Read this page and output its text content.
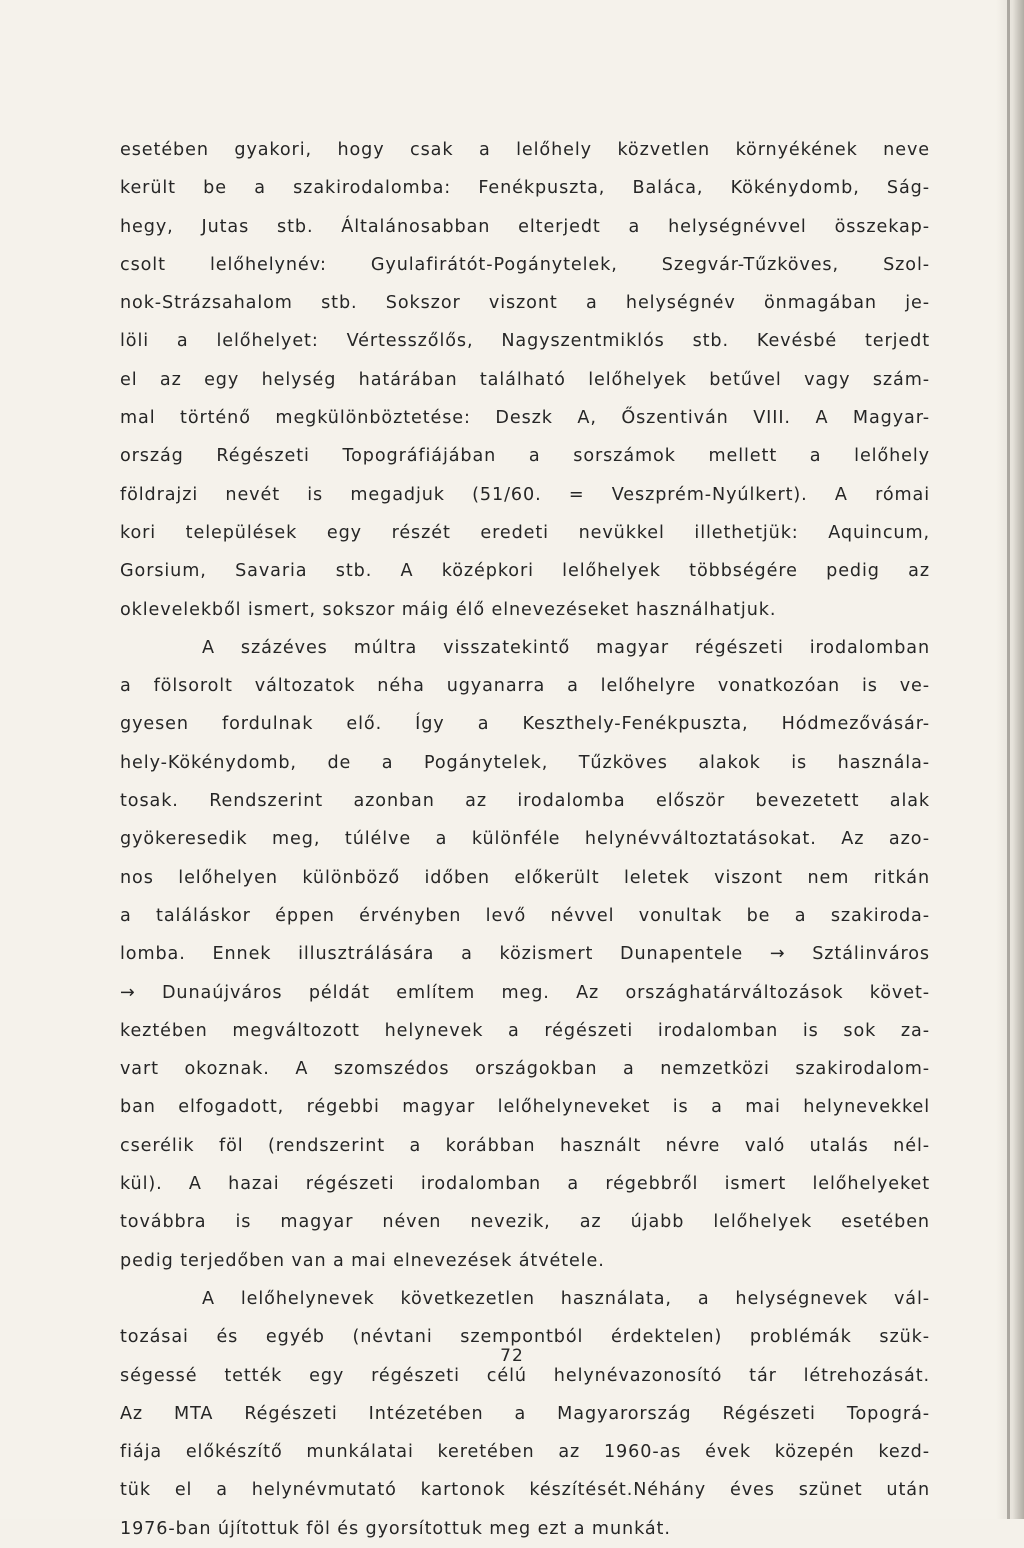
esetében gyakori, hogy csak a lelőhely közvetlen környékének neve
került be a szakirodalomba: Fenékpuszta, Baláca, Kökénydomb, Ság-
hegy, Jutas stb. Általánosabban elterjedt a helységnévvel összekap-
csolt lelőhelynév: Gyulafirátót-Pogánytelek, Szegvár-Tűzköves, Szol-
nok-Strázsahalom stb. Sokszor viszont a helységnév önmagában je-
löli a lelőhelyet: Vértesszőlős, Nagyszentmiklós stb. Kevésbé terjedt
el az egy helység határában található lelőhelyek betűvel vagy szám-
mal történő megkülönböztetése: Deszk A, Őszentiván VIII. A Magyar-
ország Régészeti Topográfiájában a sorszámok mellett a lelőhely
földrajzi nevét is megadjuk (51/60. = Veszprém-Nyúlkert). A római
kori települések egy részét eredeti nevükkel illethetjük: Aquincum,
Gorsium, Savaria stb. A középkori lelőhelyek többségére pedig az
oklevelekből ismert, sokszor máig élő elnevezéseket használhatjuk.
A százéves múltra visszatekintő magyar régészeti irodalomban
a fölsorolt változatok néha ugyanarra a lelőhelyre vonatkozóan is ve-
gyesen fordulnak elő. Így a Keszthely-Fenékpuszta, Hódmezővásár-
hely-Kökénydomb, de a Pogánytelek, Tűzköves alakok is használa-
tosak. Rendszerint azonban az irodalomba először bevezetett alak
gyökeresedik meg, túlélve a különféle helynévváltoztatásokat. Az azo-
nos lelőhelyen különböző időben előkerült leletek viszont nem ritkán
a találáskor éppen érvényben levő névvel vonultak be a szakiroda-
lomba. Ennek illusztrálására a közismert Dunapentele → Sztálinváros
→ Dunaújváros példát említem meg. Az országhatárváltozások követ-
keztében megváltozott helynevek a régészeti irodalomban is sok za-
vart okoznak. A szomszédos országokban a nemzetközi szakirodalom-
ban elfogadott, régebbi magyar lelőhelyneveket is a mai helynevekkel
cserélik föl (rendszerint a korábban használt névre való utalás nél-
kül). A hazai régészeti irodalomban a régebbről ismert lelőhelyeket
továbbra is magyar néven nevezik, az újabb lelőhelyek esetében
pedig terjedőben van a mai elnevezések átvétele.
A lelőhelynevek következetlen használata, a helységnevek vál-
tozásai és egyéb (névtani szempontból érdektelen) problémák szük-
ségessé tették egy régészeti célú helynévazonosító tár létrehozását.
Az MTA Régészeti Intézetében a Magyarország Régészeti Topográ-
fiája előkészítő munkálatai keretében az 1960-as évek közepén kezd-
tük el a helynévmutató kartonok készítését.Néhány éves szünet után
1976-ban újítottuk föl és gyorsítottuk meg ezt a munkát.
72
